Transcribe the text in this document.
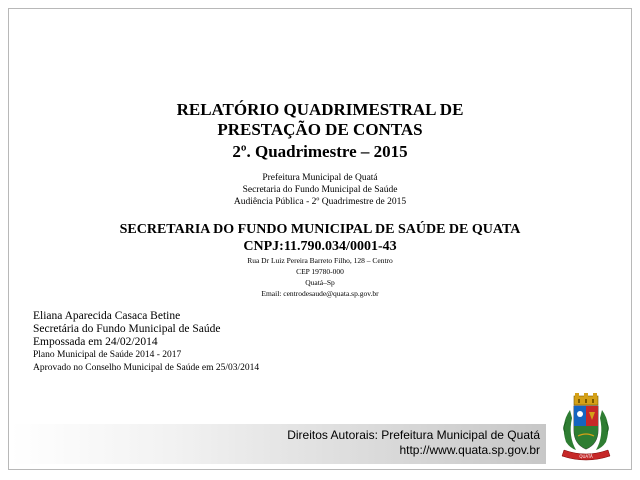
RELATÓRIO QUADRIMESTRAL DE
PRESTAÇÃO DE CONTAS
2º. Quadrimestre – 2015
Prefeitura Municipal de Quatá
Secretaria do Fundo Municipal de Saúde
Audiência Pública - 2º Quadrimestre de 2015
SECRETARIA DO FUNDO MUNICIPAL DE SAÚDE DE QUATA
CNPJ:11.790.034/0001-43
Rua Dr Luiz Pereira Barreto Filho, 128 – Centro
CEP 19780-000
Quatá–Sp
Email: centrodesaude@quata.sp.gov.br
Eliana Aparecida Casaca Betine
Secretária do Fundo Municipal de Saúde
Empossada em 24/02/2014
Plano Municipal de Saúde 2014 - 2017
Aprovado no Conselho Municipal de Saúde em 25/03/2014
Direitos Autorais: Prefeitura Municipal de Quatá
http://www.quata.sp.gov.br	QUATÁ
